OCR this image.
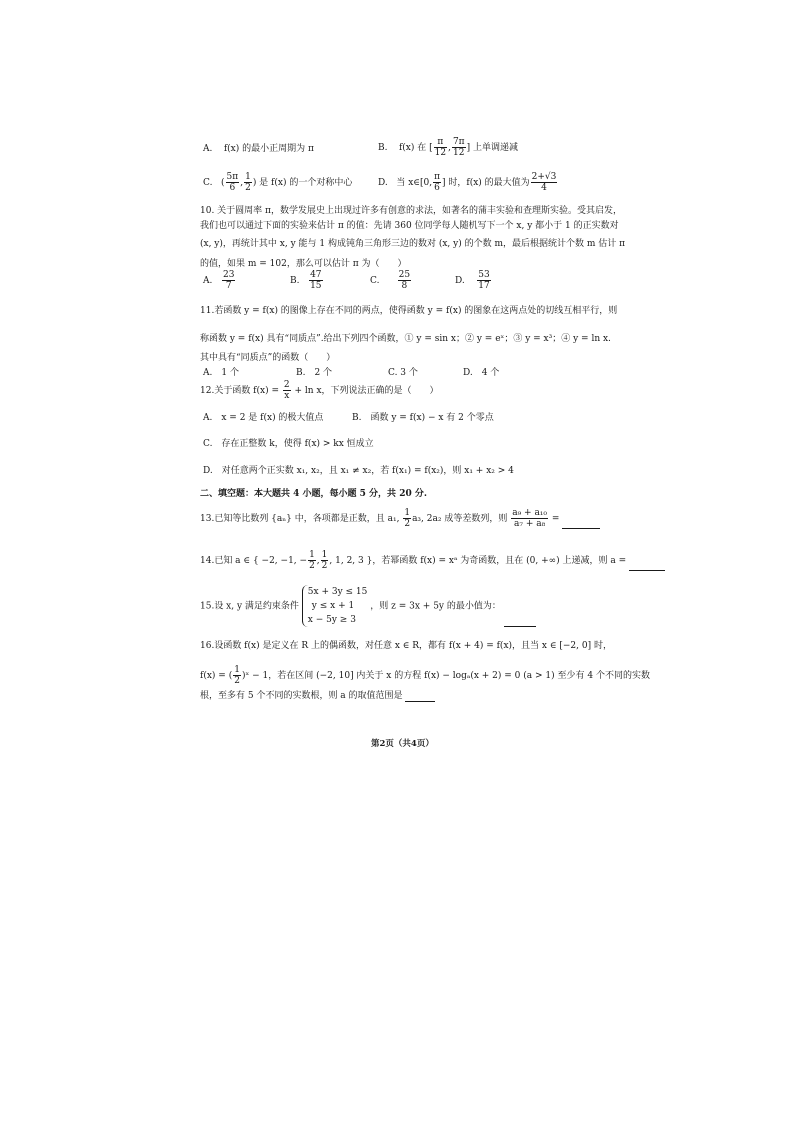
A. f(x) 的最小正周期为 π	B. f(x) 在 [ $\frac{\pi}{12}$ , $\frac{7\pi}{12}$ ] 上单调递减
C. ( $\frac{5\pi}{6}$ , $\frac{1}{2}$ ) 是 f(x) 的一个对称中心	D. 当 x∈[0, $\frac{\pi}{6}$ ] 时，f(x) 的最大值为 $\frac{2+√3}{4}$
10. 关于圆周率 π，数学发展史上出现过许多有创意的求法，如著名的蒲丰实验和查理斯实验。受其启发，
我们也可以通过下面的实验来估计 π 的值：先请 360 位同学每人随机写下一个 x, y 都小于 1 的正实数对
(x, y)，再统计其中 x, y 能与 1 构成钝角三角形三边的数对 (x, y) 的个数 m，最后根据统计个数 m 估计 π
的值，如果 m = 102，那么可以估计 π 为（　　）
A. $\frac{23}{7}$	B. $\frac{47}{15}$	C. $\frac{25}{8}$	D. $\frac{53}{17}$
11.若函数 y = f(x) 的图像上存在不同的两点，使得函数 y = f(x) 的图象在这两点处的切线互相平行，则
称函数 y = f(x) 具有“同质点”.给出下列四个函数，① y = sin x；② y = eˣ；③ y = x³；④ y = ln x.
其中具有“同质点”的函数（　　）
A.　1 个	B.　2 个	C. 3 个	D.　4 个
12.关于函数 $f(x) = \frac{2}{x} + \ln x$，下列说法正确的是（　　）
A.　x = 2 是 f(x) 的极大值点	B.　函数 y = f(x) − x 有 2 个零点
C.　存在正整数 k，使得 f(x) > kx 恒成立
D.　对任意两个正实数 x₁, x₂，且 x₁ ≠ x₂，若 f(x₁) = f(x₂)，则 x₁ + x₂ > 4
二、填空题：本大题共 4 小题，每小题 5 分，共 20 分.
13.已知等比数列 {aₙ} 中，各项都是正数，且 a₁, $\frac{1}{2} a_3$, 2a₂ 成等差数列，则 $\frac{\text{a₉ + a₁₀}}{\text{a₇ + a₈}}$ =
14.已知 a ∈ { −2, −1, − $\frac{1}{2}$ , $\frac{1}{2}$ , 1, 2, 3 }，若幂函数 f(x) = xᵃ 为奇函数，且在 (0, +∞) 上递减，则 a =
15.设 x, y 满足约束条件
5x + 3y ≤ 15
y ≤ x + 1
x − 5y ≥ 3
，则 z = 3x + 5y 的最小值为：
16.设函数 f(x) 是定义在 R 上的偶函数，对任意 x ∈ R，都有 f(x + 4) = f(x)，且当 x ∈ [−2, 0] 时，
f(x) = ( $\frac{1}{2}$ )ˣ − 1，若在区间 (−2, 10] 内关于 x 的方程 f(x) − logₐ(x + 2) = 0 (a > 1) 至少有 4 个不同的实数
根，至多有 5 个不同的实数根，则 a 的取值范围是
第2页（共4页）
